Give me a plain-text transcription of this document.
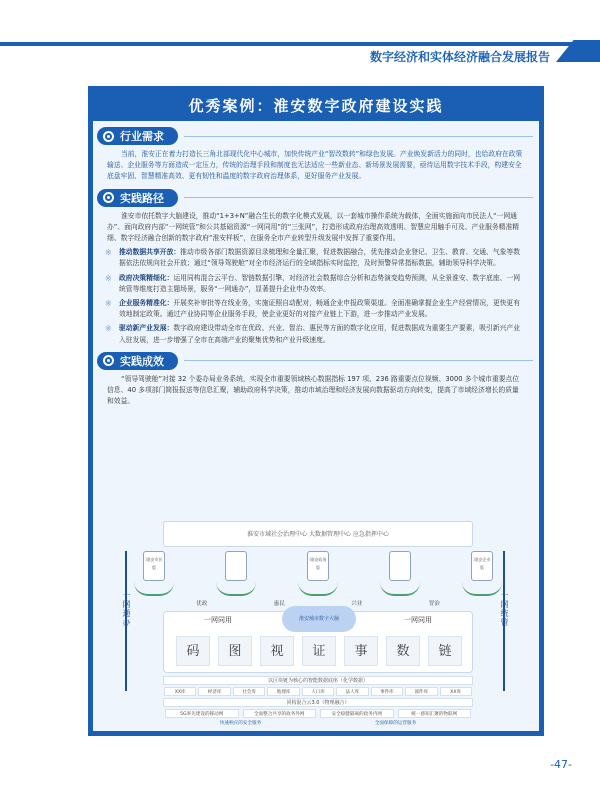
数字经济和实体经济融合发展报告
优秀案例：淮安数字政府建设实践
行业需求

当前，淮安正在着力打造长三角北部现代化中心城市，加快传统产业“智改数转”和绿色发展。产业焕发新活力的同时，也给政府在政策输送、企业服务等方面造成一定压力，传统的治理手段和制度也无法适应一些新业态、新场景发展需要，亟待运用数字技术手段，构建安全底盘牢固、智慧精准高效、更有韧性和温度的数字政府治理体系，更好服务产业发展。

实践路径

淮安市依托数字大脑建设，推动“1+3+N”融合生长的数字化模式发展，以一套城市操作系统为载体，全面实施面向市民法人“一网通办”、面向政府内部“一网统管”和公共基础资源“一网同用”的“三张网”，打造形成政府治理高效透明、智慧应用触手可及、产业服务精准精细、数字经济融合创新的数字政府“淮安样板”，在服务全市产业转型升级发展中发挥了重要作用。

※	推动数据共享开放：推动市级各部门数据资源目录梳理和全量汇聚，促进数据融合，优先推动企业登记、卫生、教育、交通、气象等数据依法依规向社会开放；通过“领导驾驶舱”对全市经济运行的全域指标实时监控，及时预警异常指标数据，辅助领导科学决策。
※	政府决策精细化：运用同构混合云平台、智链数据引擎，对经济社会数据综合分析和态势演变趋势预测，从全景淮安、数字底座、一网统管等维度打造主题场景，服务“一网通办”，显著提升企业申办效率。
※	企业服务精准化：开展奖补审批等在线业务，实施证照自动配对，畅通企业申报政策渠道。全面准确掌握企业生产经营情况，更快更有效地制定政策。通过产业协同等企业服务手段，使企业更好的对接产业链上下游，进一步推动产业发展。
※	驱动新产业发展：数字政府建设带动全市在优政、兴业、智治、惠民等方面的数字化应用，促进数据成为重要生产要素，吸引新兴产业入驻发展，进一步增强了全市在高端产业的聚集优势和产业升级速度。
实践成效

“领导驾驶舱”对接 32 个委办局业务系统，实现全市重要领域核心数据指标 197 项、236 路重要点位视频、3000 多个城市重要点位信息、40 多项部门简报报送等信息汇聚，辅助政府科学决策，推动市域治理和经济发展向数据驱动方向转变，提高了市域经济增长的质量和效益。

一网通办	一网统管
淮安市域社会治理中心 大数据管理中心 应急指挥中心
i淮安市民版
i淮安政务版
i淮安企业版
优政	惠民	兴业	智治
一网同用	一网同用
淮安城市数字大脑
码	图	视	证	事	数	链
以区块链为核心的智能数据底座（化学数据）
XX库	经济库	社会库	地理库	人口库	法人库	事件库	部件库	XX库
同构混合云3.0（物理融合）
5G率先建设的移动网	全面整合共享的政务外网	安全稳健隔离的政务内网	统一感知汇聚的物联网
快速响应的安全服务	全面保障的运营服务
-47-
